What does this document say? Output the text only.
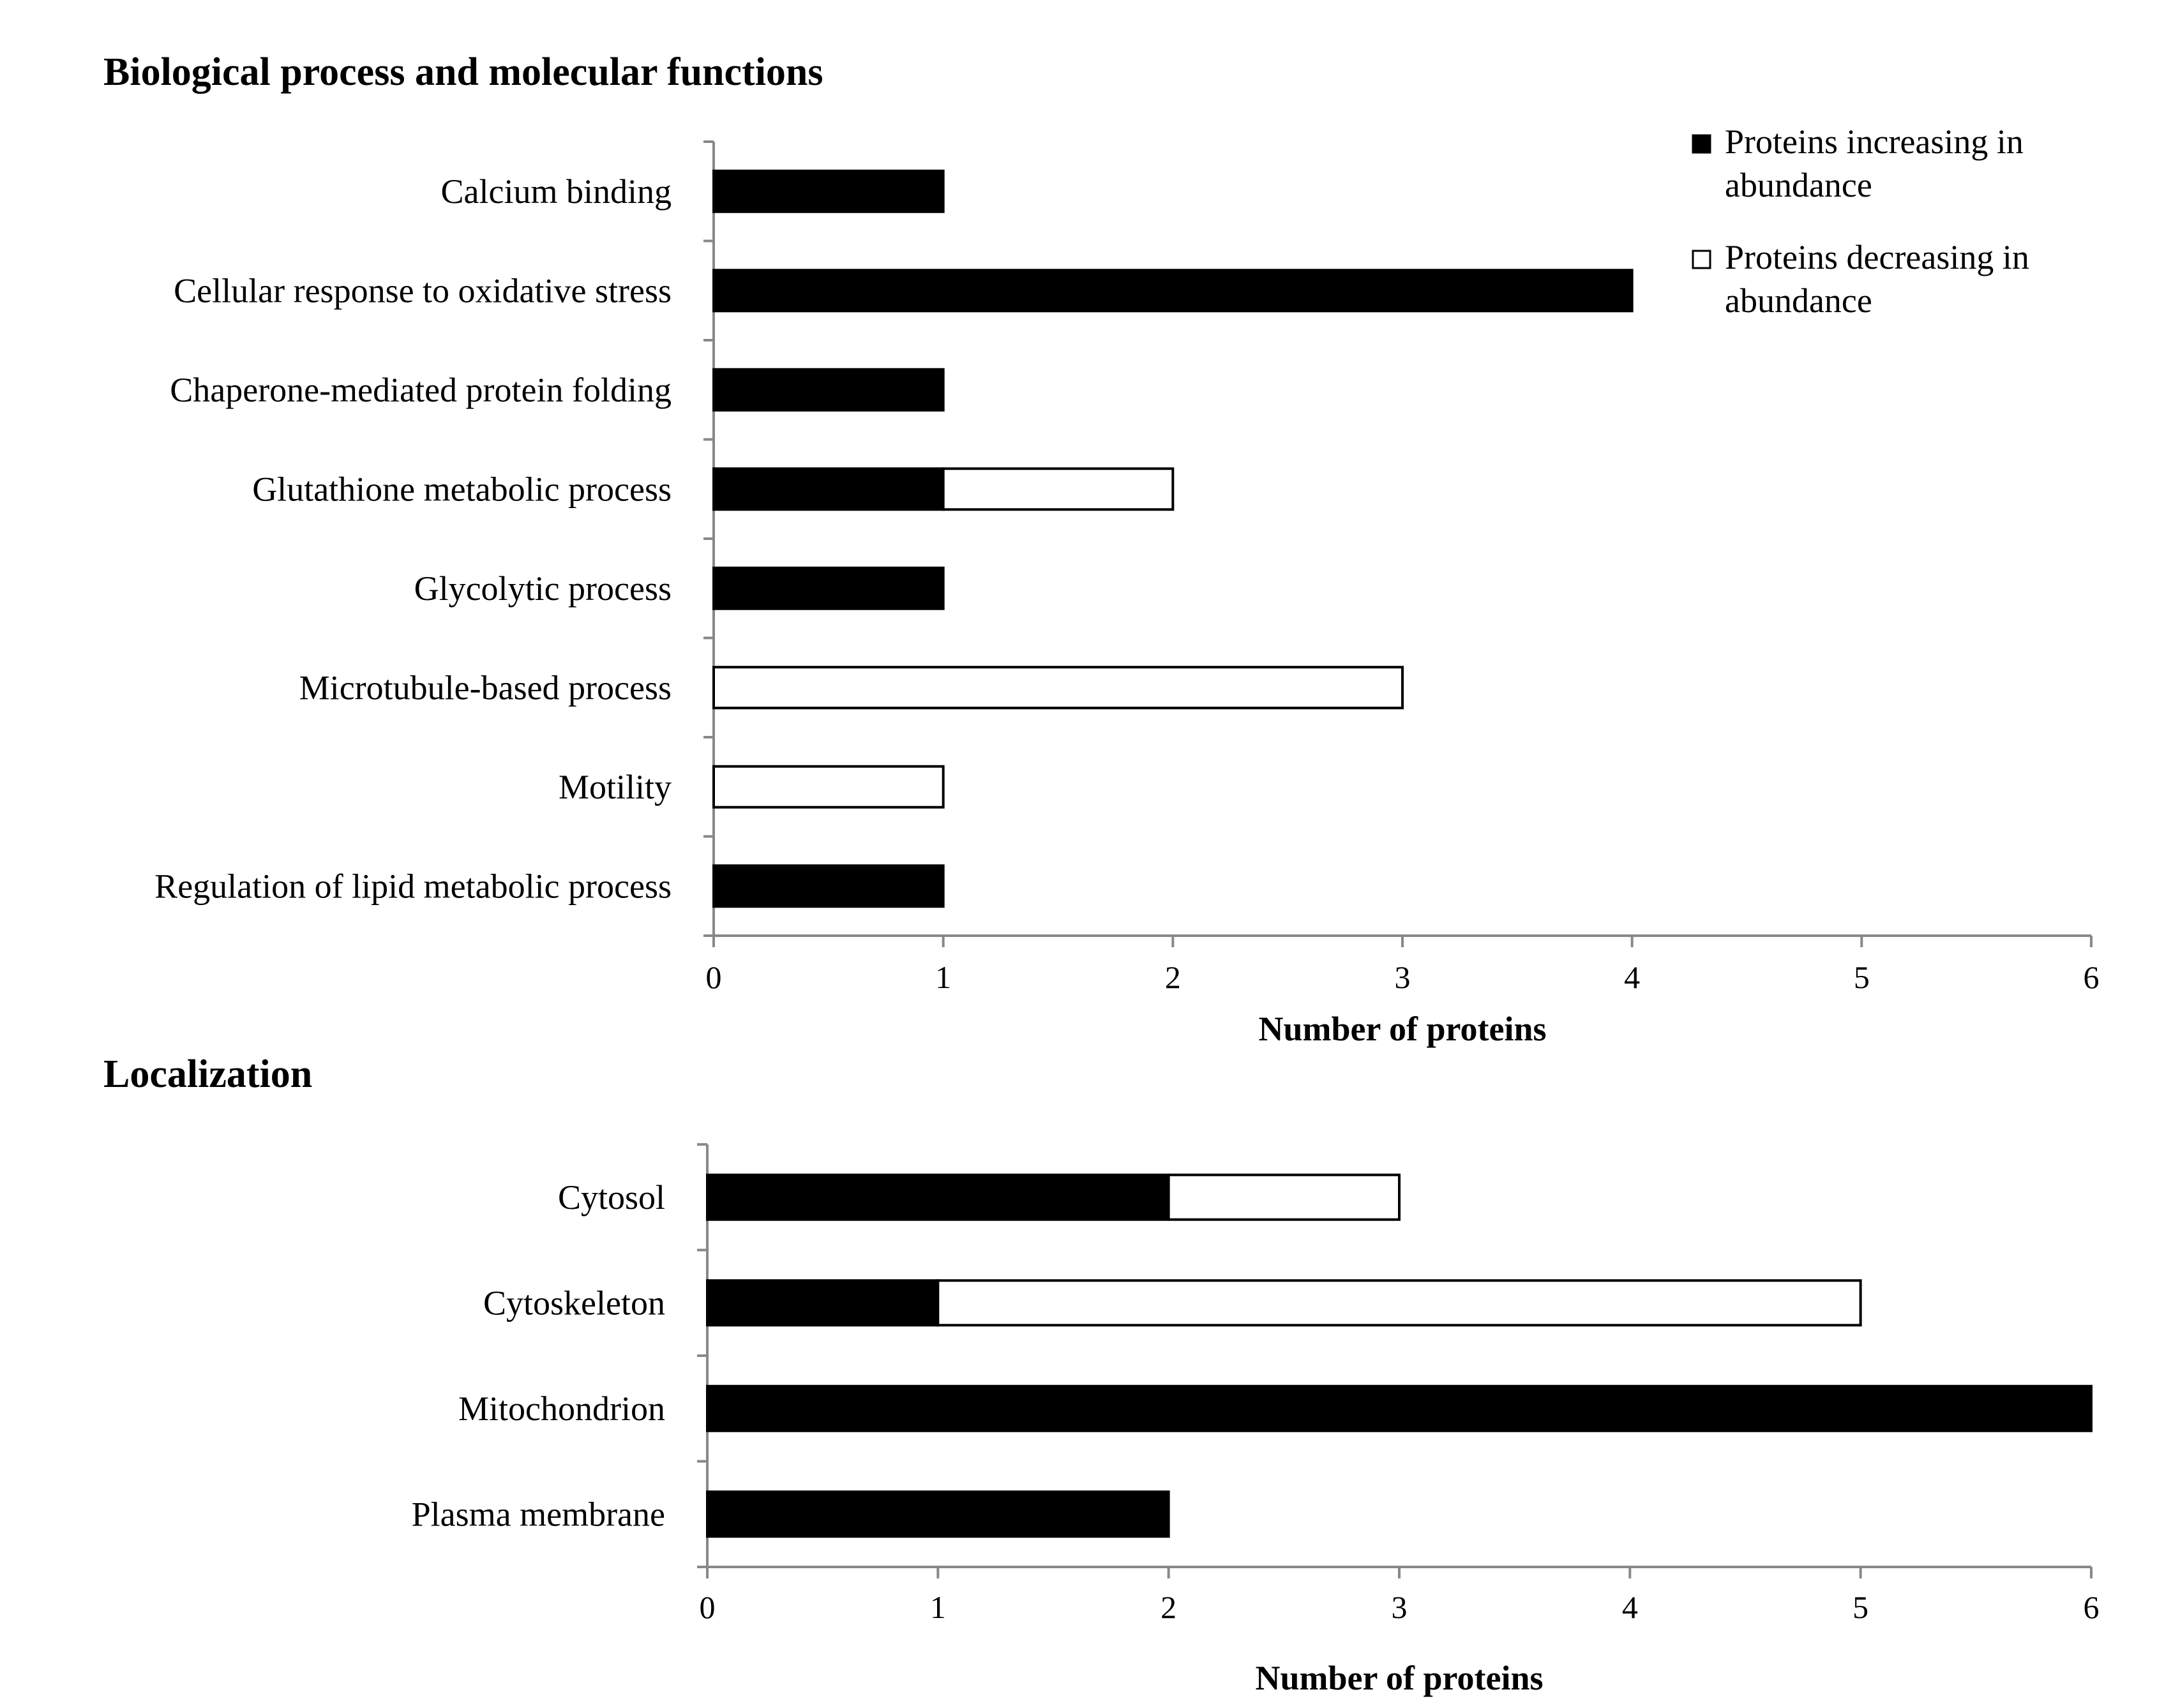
Biological process and molecular functions
0	1	2	3	4	5	6
Number of proteins
Calcium binding
Cellular response to oxidative stress
Chaperone-mediated protein folding
Glutathione metabolic process
Glycolytic process
Microtubule-based process
Motility
Regulation of lipid metabolic process
Localization
0	1	2	3	4	5	6
Number of proteins
Cytosol
Cytoskeleton
Mitochondrion
Plasma membrane
Proteins increasing in
abundance
Proteins decreasing in
abundance
